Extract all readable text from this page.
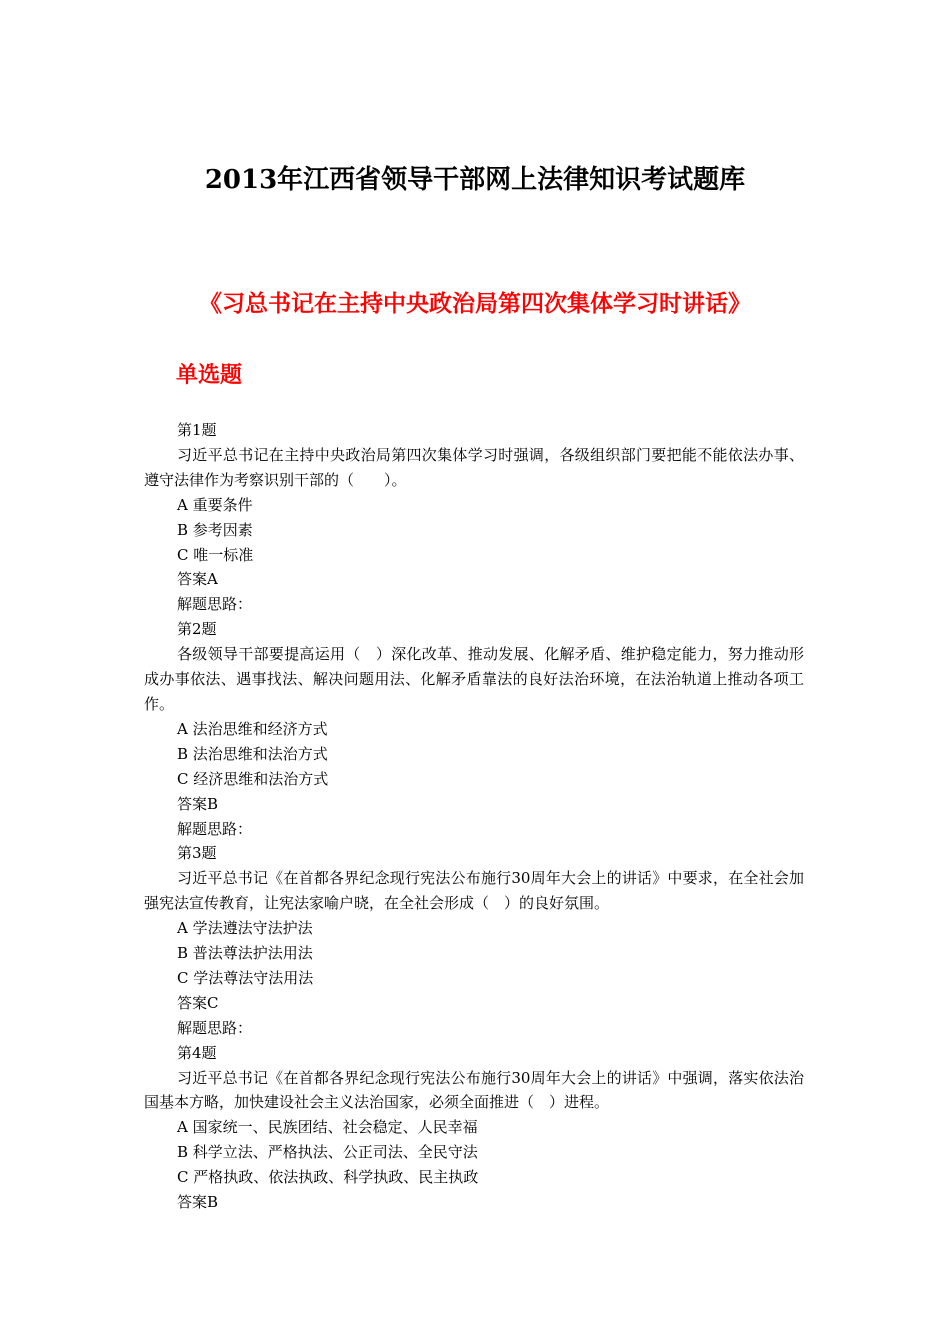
2013年江西省领导干部网上法律知识考试题库
《习总书记在主持中央政治局第四次集体学习时讲话》
单选题
第1题

习近平总书记在主持中央政治局第四次集体学习时强调，各级组织部门要把能不能依法办事、遵守法律作为考察识别干部的（　　）。

A 重要条件
B 参考因素
C 唯一标准
答案A
解题思路：
第2题

各级领导干部要提高运用（　）深化改革、推动发展、化解矛盾、维护稳定能力，努力推动形成办事依法、遇事找法、解决问题用法、化解矛盾靠法的良好法治环境，在法治轨道上推动各项工作。

A 法治思维和经济方式
B 法治思维和法治方式
C 经济思维和法治方式
答案B
解题思路：
第3题

习近平总书记《在首都各界纪念现行宪法公布施行30周年大会上的讲话》中要求，在全社会加强宪法宣传教育，让宪法家喻户晓，在全社会形成（　）的良好氛围。

A 学法遵法守法护法
B 普法尊法护法用法
C 学法尊法守法用法
答案C
解题思路：
第4题

习近平总书记《在首都各界纪念现行宪法公布施行30周年大会上的讲话》中强调，落实依法治国基本方略，加快建设社会主义法治国家，必须全面推进（　）进程。

A 国家统一、民族团结、社会稳定、人民幸福
B 科学立法、严格执法、公正司法、全民守法
C 严格执政、依法执政、科学执政、民主执政
答案B
